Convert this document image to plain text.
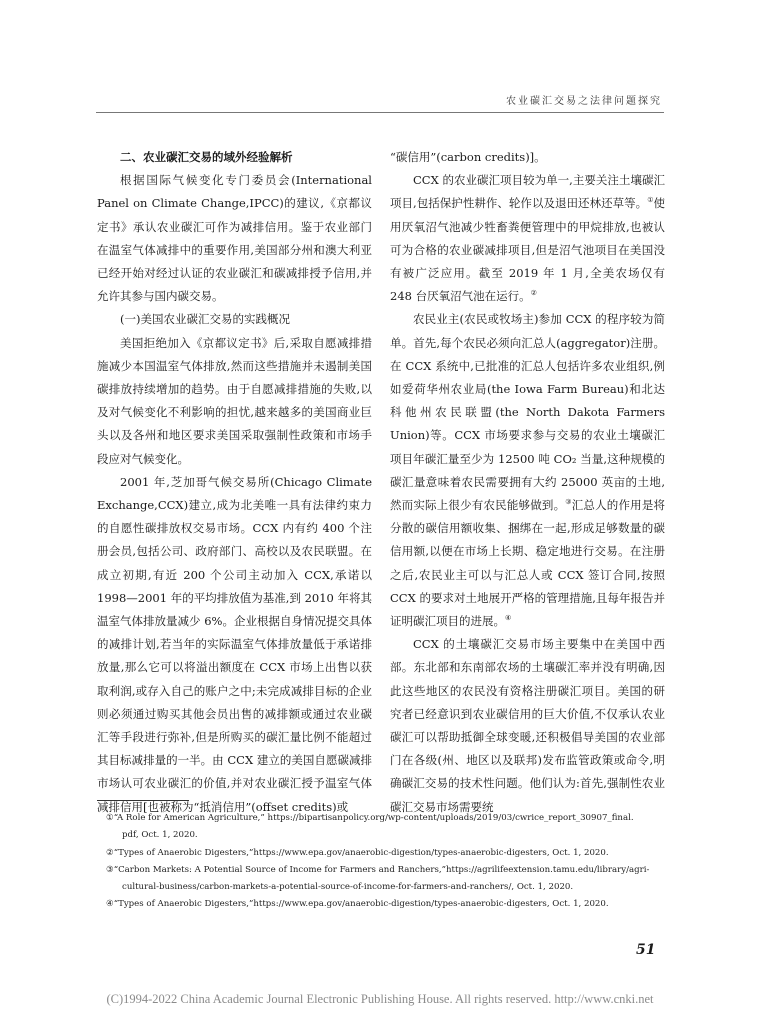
农业碳汇交易之法律问题探究
二、农业碳汇交易的域外经验解析

根据国际气候变化专门委员会(International Panel on Climate Change,IPCC)的建议,《京都议定书》承认农业碳汇可作为减排信用。鉴于农业部门在温室气体减排中的重要作用,美国部分州和澳大利亚已经开始对经过认证的农业碳汇和碳减排授予信用,并允许其参与国内碳交易。

(一)美国农业碳汇交易的实践概况

美国拒绝加入《京都议定书》后,采取自愿减排措施减少本国温室气体排放,然而这些措施并未遏制美国碳排放持续增加的趋势。由于自愿减排措施的失败,以及对气候变化不利影响的担忧,越来越多的美国商业巨头以及各州和地区要求美国采取强制性政策和市场手段应对气候变化。

2001 年,芝加哥气候交易所(Chicago Climate Exchange,CCX)建立,成为北美唯一具有法律约束力的自愿性碳排放权交易市场。CCX 内有约 400 个注册会员,包括公司、政府部门、高校以及农民联盟。在成立初期,有近 200 个公司主动加入 CCX,承诺以 1998—2001 年的平均排放值为基准,到 2010 年将其温室气体排放量减少 6%。企业根据自身情况提交具体的减排计划,若当年的实际温室气体排放量低于承诺排放量,那么它可以将溢出额度在 CCX 市场上出售以获取利润,或存入自己的账户之中;未完成减排目标的企业则必须通过购买其他会员出售的减排额或通过农业碳汇等手段进行弥补,但是所购买的碳汇量比例不能超过其目标减排量的一半。由 CCX 建立的美国自愿碳减排市场认可农业碳汇的价值,并对农业碳汇授予温室气体减排信用[也被称为“抵消信用”(offset credits)或

“碳信用”(carbon credits)]。

CCX 的农业碳汇项目较为单一,主要关注土壤碳汇项目,包括保护性耕作、轮作以及退田还林还草等。①使用厌氧沼气池减少牲畜粪便管理中的甲烷排放,也被认可为合格的农业碳减排项目,但是沼气池项目在美国没有被广泛应用。截至 2019 年 1 月,全美农场仅有 248 台厌氧沼气池在运行。②

农民业主(农民或牧场主)参加 CCX 的程序较为简单。首先,每个农民必须向汇总人(aggregator)注册。在 CCX 系统中,已批准的汇总人包括许多农业组织,例如爱荷华州农业局(the Iowa Farm Bureau)和北达科他州农民联盟(the North Dakota Farmers Union)等。CCX 市场要求参与交易的农业土壤碳汇项目年碳汇量至少为 12500 吨 CO₂ 当量,这种规模的碳汇量意味着农民需要拥有大约 25000 英亩的土地,然而实际上很少有农民能够做到。③汇总人的作用是将分散的碳信用额收集、捆绑在一起,形成足够数量的碳信用额,以便在市场上长期、稳定地进行交易。在注册之后,农民业主可以与汇总人或 CCX 签订合同,按照 CCX 的要求对土地展开严格的管理措施,且每年报告并证明碳汇项目的进展。④

CCX 的土壤碳汇交易市场主要集中在美国中西部。东北部和东南部农场的土壤碳汇率并没有明确,因此这些地区的农民没有资格注册碳汇项目。美国的研究者已经意识到农业碳信用的巨大价值,不仅承认农业碳汇可以帮助抵御全球变暖,还积极倡导美国的农业部门在各级(州、地区以及联邦)发布监管政策或命令,明确碳汇交易的技术性问题。他们认为:首先,强制性农业碳汇交易市场需要统

①“A Role for American Agriculture,” https://bipartisanpolicy.org/wp-content/uploads/2019/03/cwrice_report_30907_final.
pdf, Oct. 1, 2020.
②“Types of Anaerobic Digesters,”https://www.epa.gov/anaerobic-digestion/types-anaerobic-digesters, Oct. 1, 2020.
③“Carbon Markets: A Potential Source of Income for Farmers and Ranchers,”https://agrilifeextension.tamu.edu/library/agri-
cultural-business/carbon-markets-a-potential-source-of-income-for-farmers-and-ranchers/, Oct. 1, 2020.
④“Types of Anaerobic Digesters,”https://www.epa.gov/anaerobic-digestion/types-anaerobic-digesters, Oct. 1, 2020.
51
(C)1994-2022 China Academic Journal Electronic Publishing House. All rights reserved. http://www.cnki.net
